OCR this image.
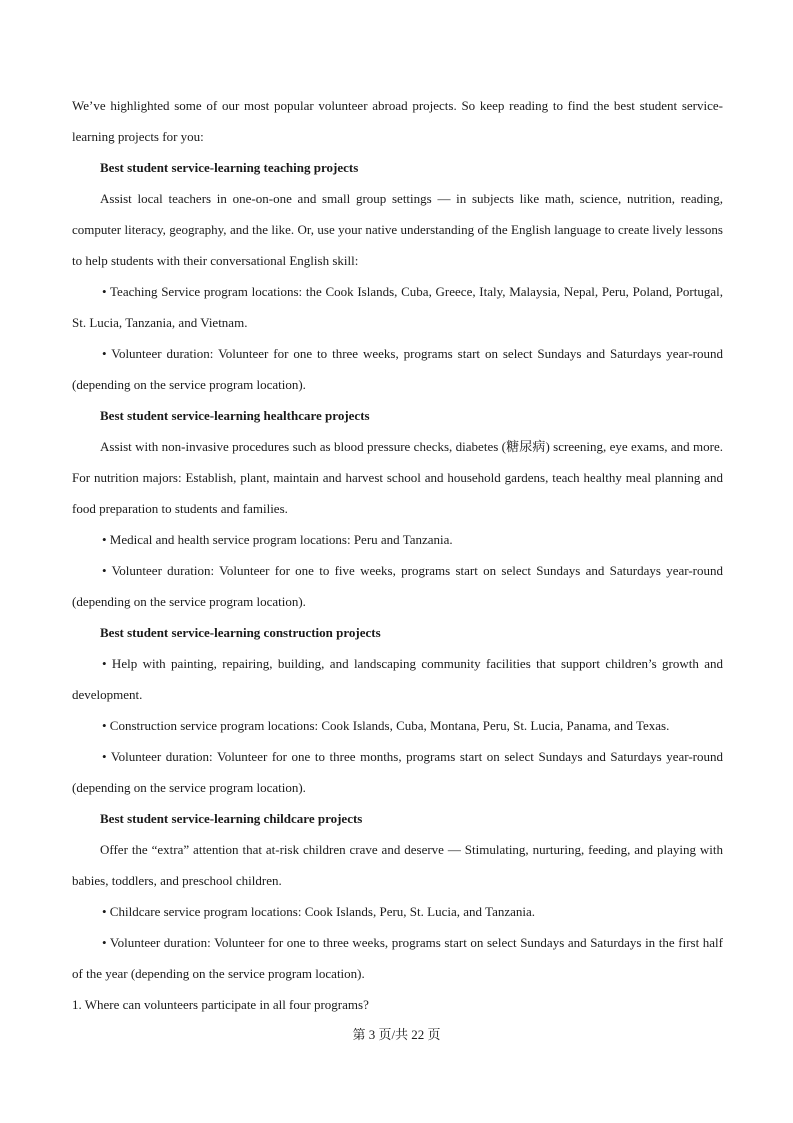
We’ve highlighted some of our most popular volunteer abroad projects. So keep reading to find the best student service-learning projects for you:

Best student service-learning teaching projects

Assist local teachers in one-on-one and small group settings — in subjects like math, science, nutrition, reading, computer literacy, geography, and the like. Or, use your native understanding of the English language to create lively lessons to help students with their conversational English skill:

• Teaching Service program locations: the Cook Islands, Cuba, Greece, Italy, Malaysia, Nepal, Peru, Poland, Portugal, St. Lucia, Tanzania, and Vietnam.

• Volunteer duration: Volunteer for one to three weeks, programs start on select Sundays and Saturdays year-round (depending on the service program location).

Best student service-learning healthcare projects

Assist with non-invasive procedures such as blood pressure checks, diabetes (糖尿病) screening, eye exams, and more. For nutrition majors: Establish, plant, maintain and harvest school and household gardens, teach healthy meal planning and food preparation to students and families.

• Medical and health service program locations: Peru and Tanzania.

• Volunteer duration: Volunteer for one to five weeks, programs start on select Sundays and Saturdays year-round (depending on the service program location).

Best student service-learning construction projects

• Help with painting, repairing, building, and landscaping community facilities that support children’s growth and development.

• Construction service program locations: Cook Islands, Cuba, Montana, Peru, St. Lucia, Panama, and Texas.

• Volunteer duration: Volunteer for one to three months, programs start on select Sundays and Saturdays year-round (depending on the service program location).

Best student service-learning childcare projects

Offer the “extra” attention that at-risk children crave and deserve — Stimulating, nurturing, feeding, and playing with babies, toddlers, and preschool children.

• Childcare service program locations: Cook Islands, Peru, St. Lucia, and Tanzania.

• Volunteer duration: Volunteer for one to three weeks, programs start on select Sundays and Saturdays in the first half of the year (depending on the service program location).

1. Where can volunteers participate in all four programs?

第 3 页/共 22 页
